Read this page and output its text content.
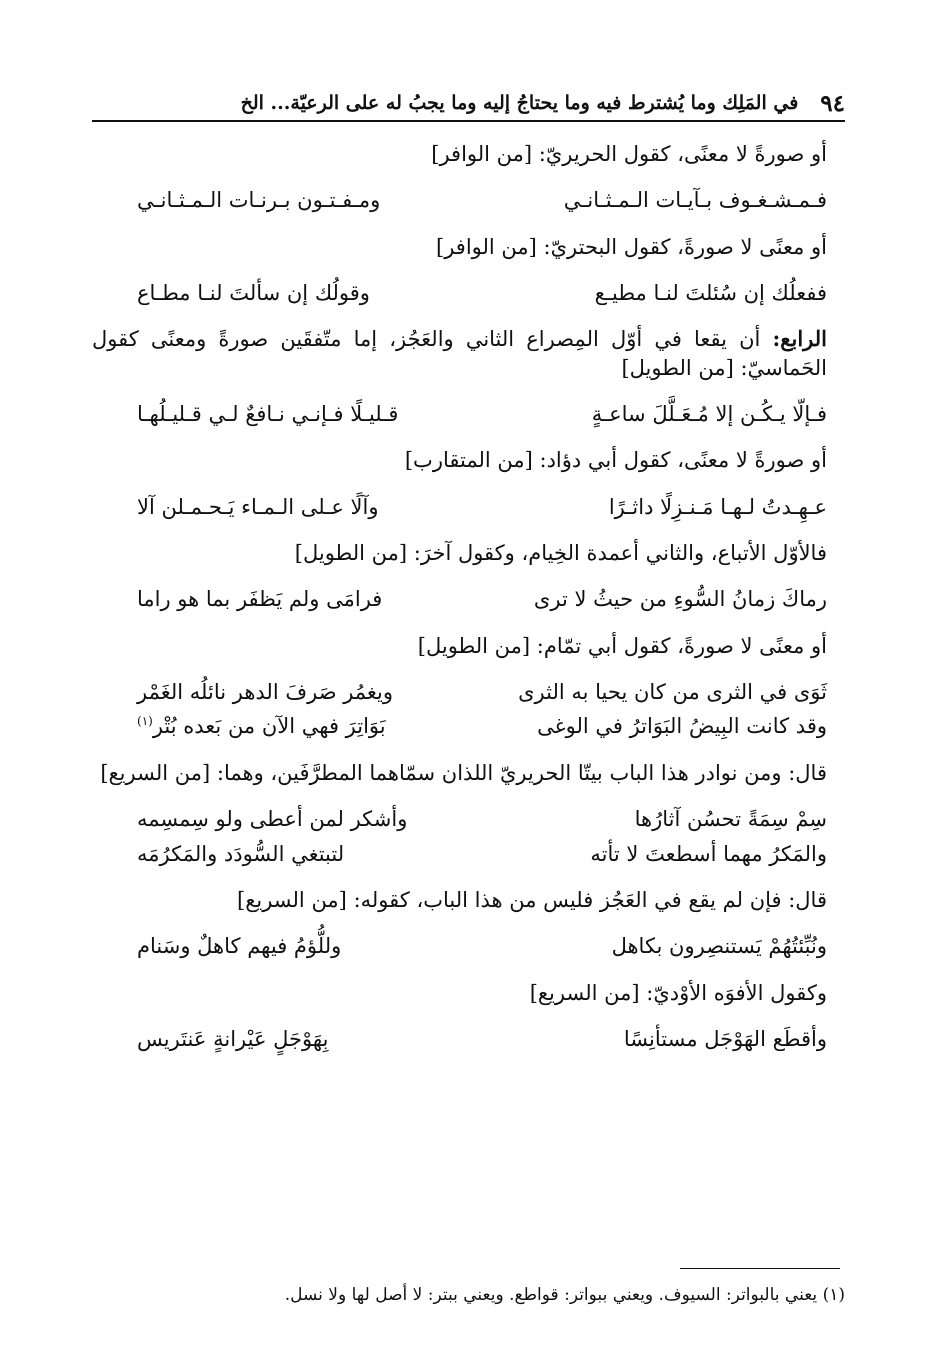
٩٤
في المَلِك وما يُشترط فيه وما يحتاجُ إليه وما يجبُ له على الرعيّة... الخ

أو صورةً لا معنًى، كقول الحريريّ: [من الوافر]

فـمـشـغـوف بـآيـات الـمـثـانـي
ومـفـتـون بـرنـات الـمـثـانـي

أو معنًى لا صورةً، كقول البحتريّ: [من الوافر]

ففعلُك إن سُئلتَ لنـا مطيـع
وقولُك إن سألتَ لنـا مطـاع

الرابع: أن يقعا في أوّل المِصراع الثاني والعَجُز، إما متّفقَين صورةً ومعنًى كقول الحَماسيّ: [من الطويل]

فـإلّا يـكُـن إلا مُـعَـلَّلَ ساعـةٍ
قـليـلًا فـإنـي نـافعٌ لـي قـليـلُهـا

أو صورةً لا معنًى، كقول أبي دؤاد: [من المتقارب]

عـهِـدتُ لـهـا مَـنـزِلًا داثـرًا
وآلًا عـلى الـمـاء يَـحـمـلن آلا

فالأوّل الأتباع، والثاني أعمدة الخِيام، وكقول آخرَ: [من الطويل]

رماكَ زمانُ السُّوءِ من حيثُ لا ترى
فرامَى ولم يَظفَر بما هو راما

أو معنًى لا صورةً، كقول أبي تمّام: [من الطويل]

ثَوَى في الثرى من كان يحيا به الثرى
ويغمُر صَرفَ الدهر نائلُه الغَمْر
وقد كانت البِيضُ البَوَاترُ في الوغى
بَوَاتِرَ فهي الآن من بَعده بُتْر$^{(١)}$

قال: ومن نوادر هذا الباب بيتّا الحريريّ اللذان سمّاهما المطرَّفَين، وهما: [من السريع]

سِمْ سِمَةً تحسُن آثارُها
وأشكر لمن أعطى ولو سِمسِمه
والمَكرُ مهما أسطعتَ لا تأته
لتبتغي السُّودَد والمَكرُمَه

قال: فإن لم يقع في العَجُز فليس من هذا الباب، كقوله: [من السريع]

ونُبِّئتُهُمْ يَستنصِرون بكاهل
وللُّؤمُ فيهم كاهلٌ وسَنام

وكقول الأفوَه الأوْديّ: [من السريع]

وأقطَع الهَوْجَل مستأنِسًا
بِهَوْجَلٍ عَيْرانةٍ عَنتَريس
(١) يعني بالبواتر: السيوف. ويعني ببواتر: قواطع. ويعني ببتر: لا أصل لها ولا نسل.
